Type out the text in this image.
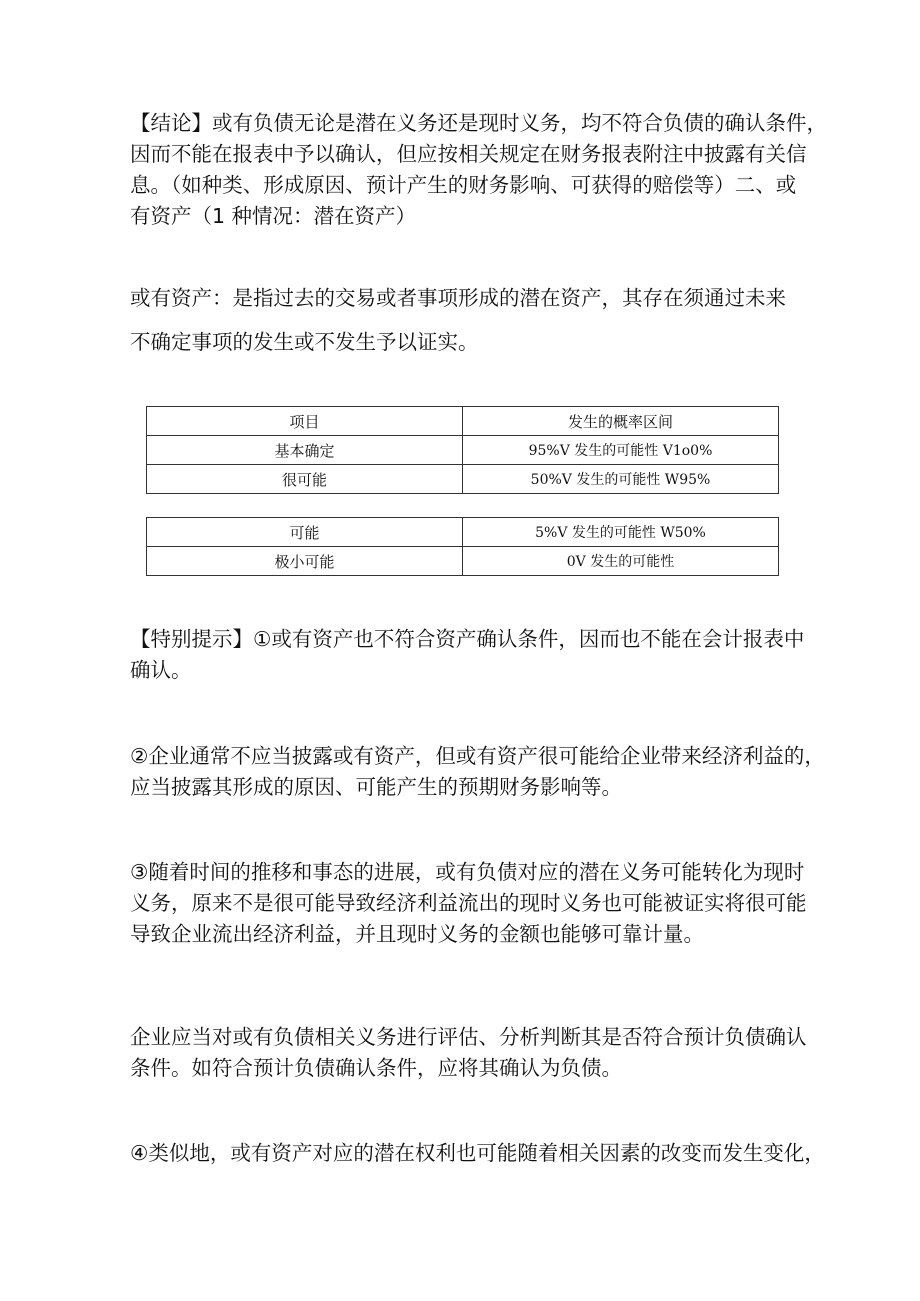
【结论】或有负债无论是潜在义务还是现时义务，均不符合负债的确认条件，
因而不能在报表中予以确认，但应按相关规定在财务报表附注中披露有关信
息。（如种类、形成原因、预计产生的财务影响、可获得的赔偿等）二、或
有资产（1 种情况：潜在资产）
或有资产：是指过去的交易或者事项形成的潜在资产，其存在须通过未来
不确定事项的发生或不发生予以证实。
项目	发生的概率区间
基本确定	95%V 发生的可能性 V1o0%
很可能	50%V 发生的可能性 W95%
可能	5%V 发生的可能性 W50%
极小可能	0V 发生的可能性
【特别提示】①或有资产也不符合资产确认条件，因而也不能在会计报表中
确认。
②企业通常不应当披露或有资产，但或有资产很可能给企业带来经济利益的，
应当披露其形成的原因、可能产生的预期财务影响等。
③随着时间的推移和事态的进展，或有负债对应的潜在义务可能转化为现时
义务，原来不是很可能导致经济利益流出的现时义务也可能被证实将很可能
导致企业流出经济利益，并且现时义务的金额也能够可靠计量。
企业应当对或有负债相关义务进行评估、分析判断其是否符合预计负债确认
条件。如符合预计负债确认条件，应将其确认为负债。
④类似地，或有资产对应的潜在权利也可能随着相关因素的改变而发生变化，
